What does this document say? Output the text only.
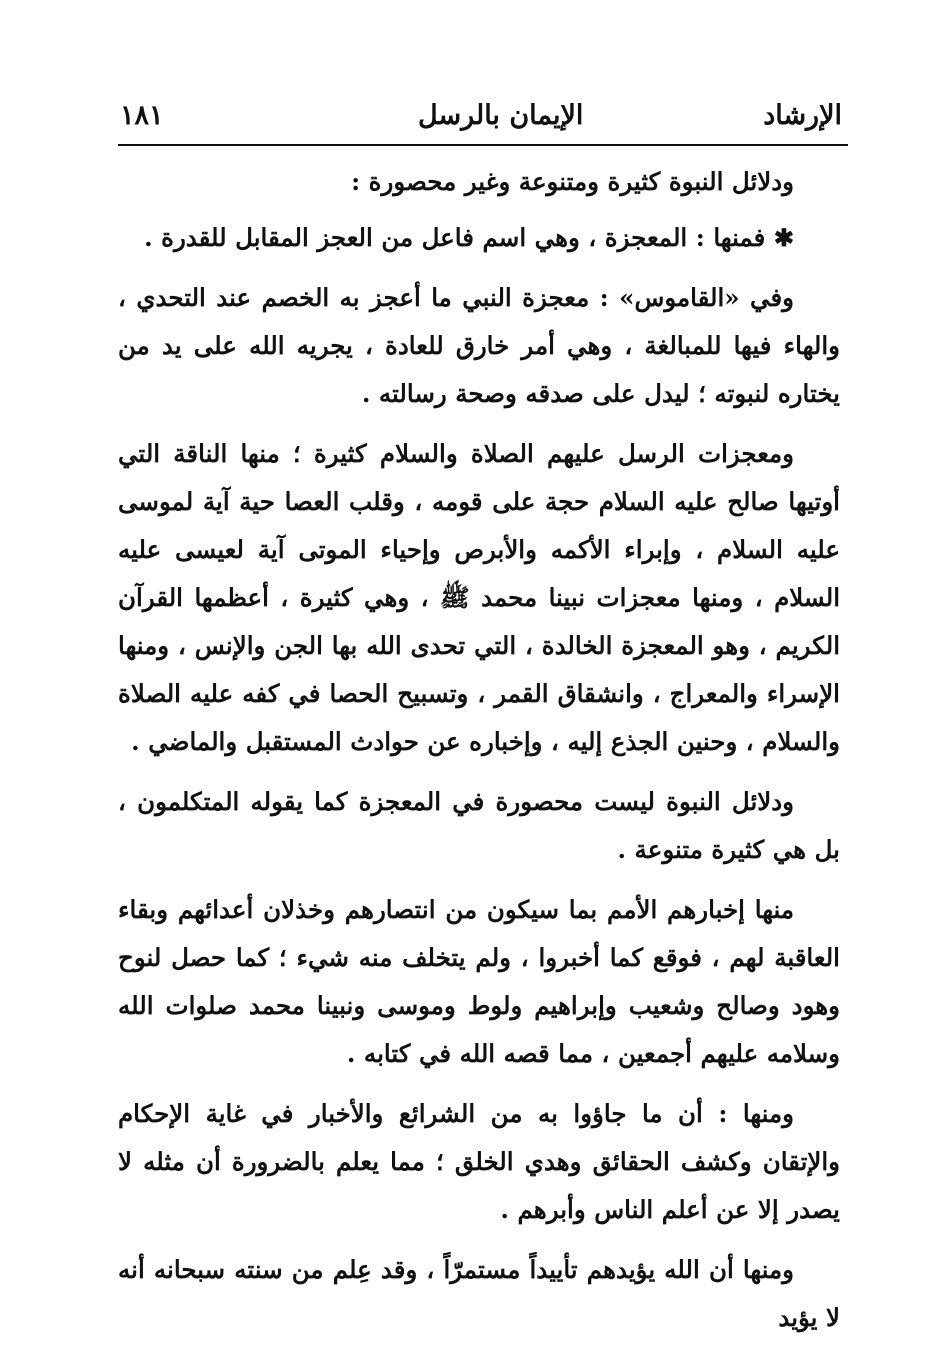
الإرشاد
الإيمان بالرسل
١٨١

ودلائل النبوة كثيرة ومتنوعة وغير محصورة :

✱ فمنها : المعجزة ، وهي اسم فاعل من العجز المقابل للقدرة .

وفي «القاموس» : معجزة النبي ما أعجز به الخصم عند التحدي ، والهاء فيها للمبالغة ، وهي أمر خارق للعادة ، يجريه الله على يد من يختاره لنبوته ؛ ليدل على صدقه وصحة رسالته .

ومعجزات الرسل عليهم الصلاة والسلام كثيرة ؛ منها الناقة التي أوتيها صالح عليه السلام حجة على قومه ، وقلب العصا حية آية لموسى عليه السلام ، وإبراء الأكمه والأبرص وإحياء الموتى آية لعيسى عليه السلام ، ومنها معجزات نبينا محمد ﷺ ، وهي كثيرة ، أعظمها القرآن الكريم ، وهو المعجزة الخالدة ، التي تحدى الله بها الجن والإنس ، ومنها الإسراء والمعراج ، وانشقاق القمر ، وتسبيح الحصا في كفه عليه الصلاة والسلام ، وحنين الجذع إليه ، وإخباره عن حوادث المستقبل والماضي .

ودلائل النبوة ليست محصورة في المعجزة كما يقوله المتكلمون ، بل هي كثيرة متنوعة .

منها إخبارهم الأمم بما سيكون من انتصارهم وخذلان أعدائهم وبقاء العاقبة لهم ، فوقع كما أخبروا ، ولم يتخلف منه شيء ؛ كما حصل لنوح وهود وصالح وشعيب وإبراهيم ولوط وموسى ونبينا محمد صلوات الله وسلامه عليهم أجمعين ، مما قصه الله في كتابه .

ومنها : أن ما جاؤوا به من الشرائع والأخبار في غاية الإحكام والإتقان وكشف الحقائق وهدي الخلق ؛ مما يعلم بالضرورة أن مثله لا يصدر إلا عن أعلم الناس وأبرهم .

ومنها أن الله يؤيدهم تأييداً مستمرّاً ، وقد عِلم من سنته سبحانه أنه لا يؤيد
